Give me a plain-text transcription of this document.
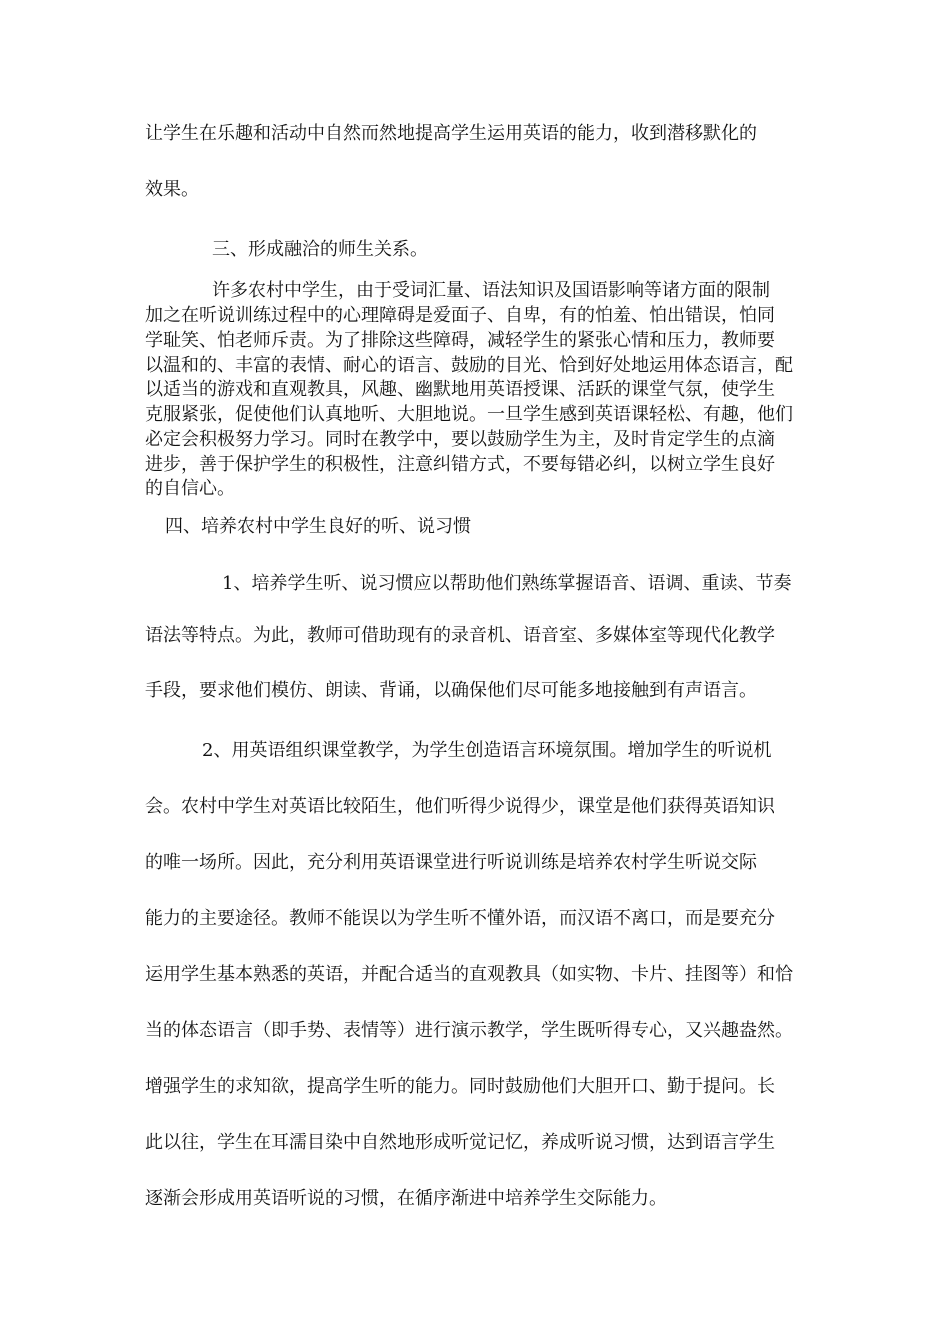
让学生在乐趣和活动中自然而然地提高学生运用英语的能力，收到潜移默化的

效果。

三、形成融洽的师生关系。

许多农村中学生，由于受词汇量、语法知识及国语影响等诸方面的限制

加之在听说训练过程中的心理障碍是爱面子、自卑，有的怕羞、怕出错误，怕同

学耻笑、怕老师斥责。为了排除这些障碍，减轻学生的紧张心情和压力，教师要

以温和的、丰富的表情、耐心的语言、鼓励的目光、恰到好处地运用体态语言，配

以适当的游戏和直观教具，风趣、幽默地用英语授课、活跃的课堂气氛，使学生

克服紧张，促使他们认真地听、大胆地说。一旦学生感到英语课轻松、有趣，他们

必定会积极努力学习。同时在教学中，要以鼓励学生为主，及时肯定学生的点滴

进步，善于保护学生的积极性，注意纠错方式，不要每错必纠，以树立学生良好

的自信心。

四、培养农村中学生良好的听、说习惯

1、培养学生听、说习惯应以帮助他们熟练掌握语音、语调、重读、节奏

语法等特点。为此，教师可借助现有的录音机、语音室、多媒体室等现代化教学

手段，要求他们模仿、朗读、背诵，以确保他们尽可能多地接触到有声语言。

2、用英语组织课堂教学，为学生创造语言环境氛围。增加学生的听说机

会。农村中学生对英语比较陌生，他们听得少说得少，课堂是他们获得英语知识

的唯一场所。因此，充分利用英语课堂进行听说训练是培养农村学生听说交际

能力的主要途径。教师不能误以为学生听不懂外语，而汉语不离口，而是要充分

运用学生基本熟悉的英语，并配合适当的直观教具（如实物、卡片、挂图等）和恰

当的体态语言（即手势、表情等）进行演示教学，学生既听得专心，又兴趣盎然。

增强学生的求知欲，提高学生听的能力。同时鼓励他们大胆开口、勤于提问。长

此以往，学生在耳濡目染中自然地形成听觉记忆，养成听说习惯，达到语言学生

逐渐会形成用英语听说的习惯，在循序渐进中培养学生交际能力。
